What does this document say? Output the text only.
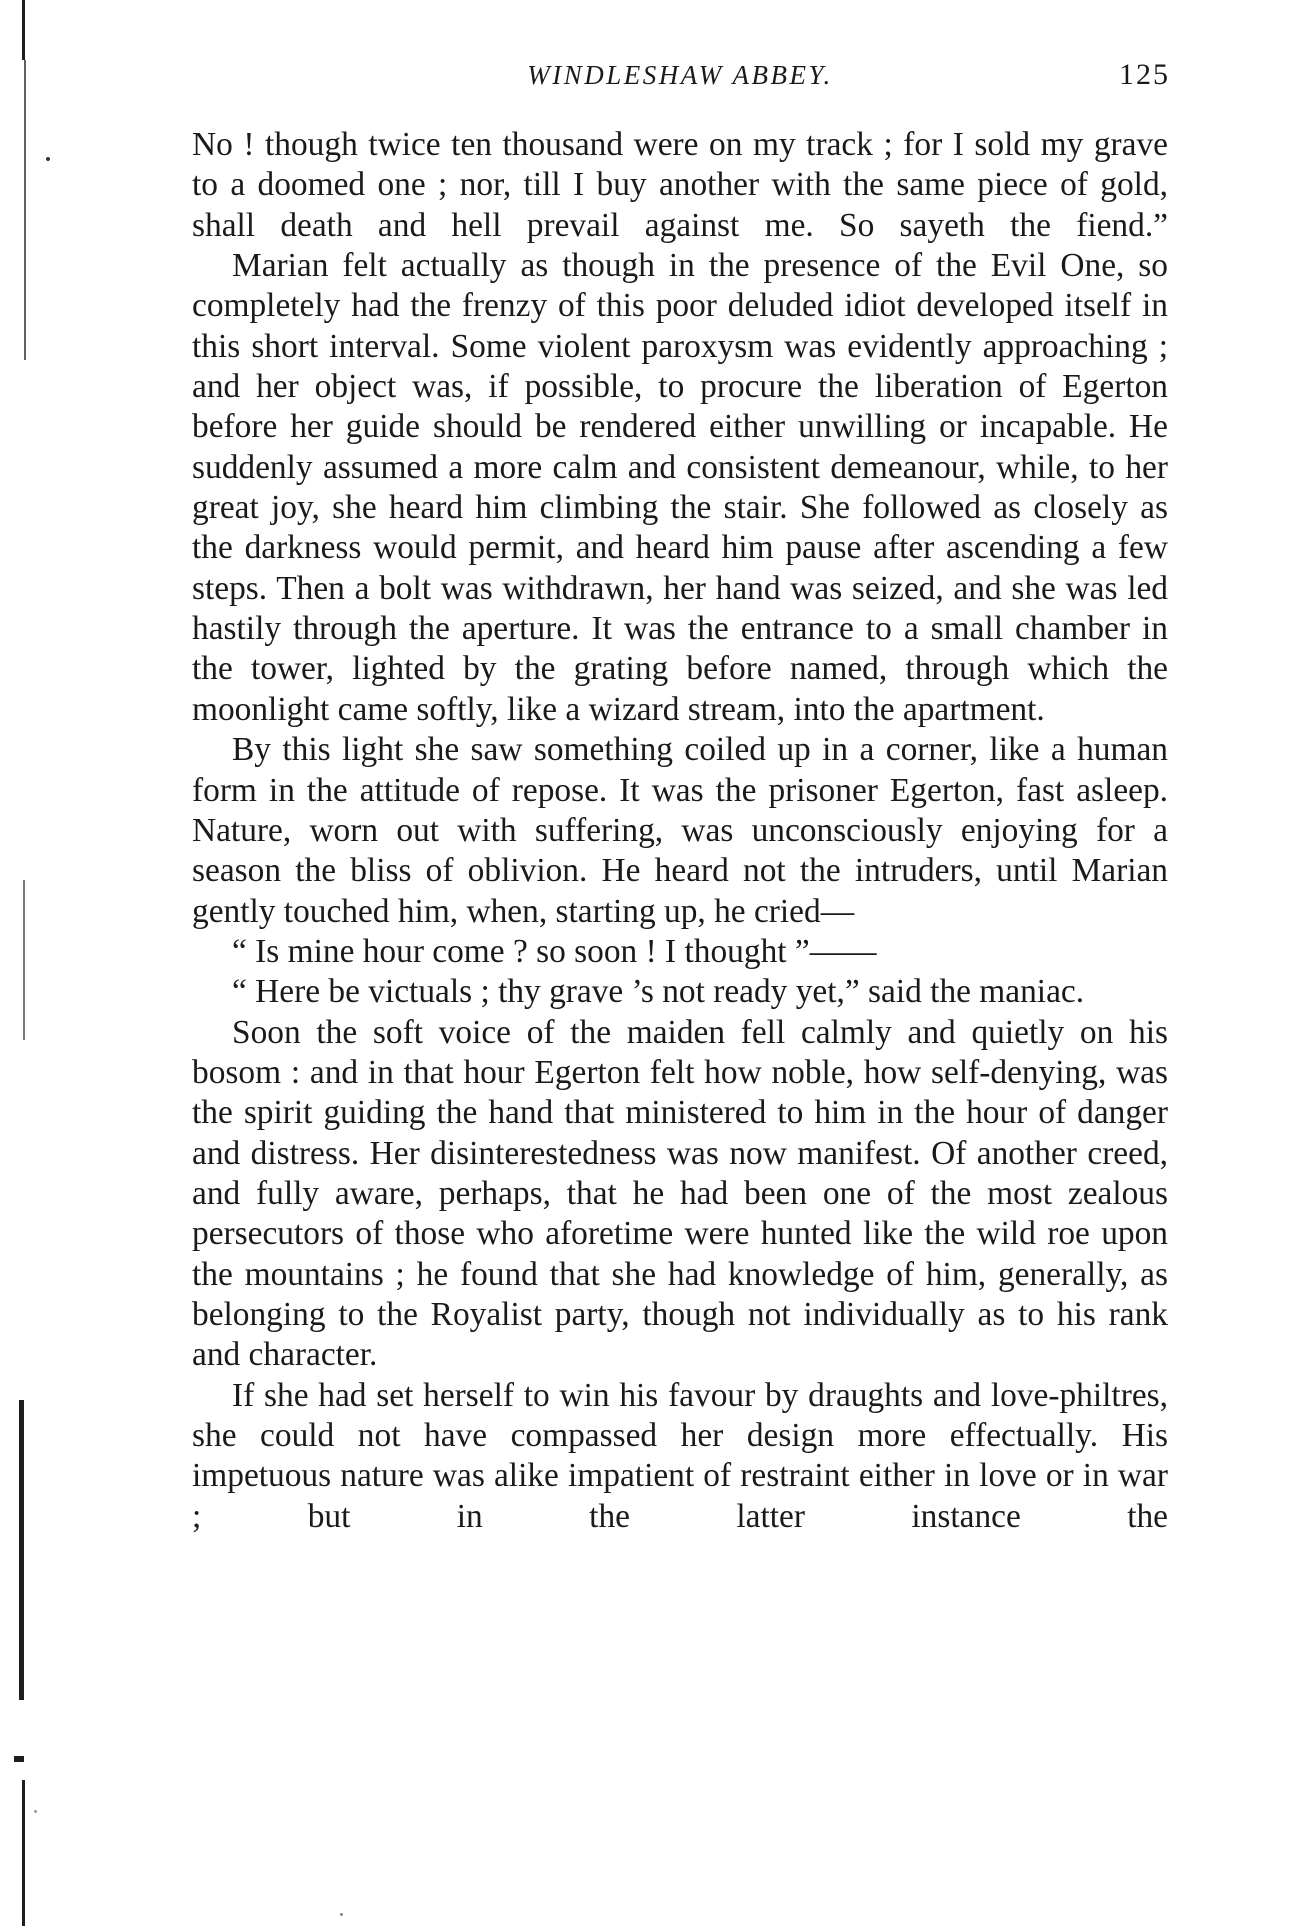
WINDLESHAW ABBEY.	125

No ! though twice ten thousand were on my track ; for I sold my grave to a doomed one ; nor, till I buy another with the same piece of gold, shall death and hell prevail against me. So sayeth the fiend.”

Marian felt actually as though in the presence of the Evil One, so completely had the frenzy of this poor deluded idiot developed itself in this short interval. Some violent paroxysm was evidently approaching ; and her object was, if possible, to procure the liberation of Egerton before her guide should be rendered either unwilling or incapable. He suddenly assumed a more calm and consistent demeanour, while, to her great joy, she heard him climbing the stair. She followed as closely as the darkness would permit, and heard him pause after ascending a few steps. Then a bolt was withdrawn, her hand was seized, and she was led hastily through the aperture. It was the entrance to a small chamber in the tower, lighted by the grating before named, through which the moonlight came softly, like a wizard stream, into the apartment.

By this light she saw something coiled up in a corner, like a human form in the attitude of repose. It was the prisoner Egerton, fast asleep. Nature, worn out with suffering, was unconsciously enjoying for a season the bliss of oblivion. He heard not the intruders, until Marian gently touched him, when, starting up, he cried—

“ Is mine hour come ? so soon ! I thought ”——

“ Here be victuals ; thy grave ’s not ready yet,” said the maniac.

Soon the soft voice of the maiden fell calmly and quietly on his bosom : and in that hour Egerton felt how noble, how self-denying, was the spirit guiding the hand that ministered to him in the hour of danger and distress. Her disinterestedness was now manifest. Of another creed, and fully aware, perhaps, that he had been one of the most zealous persecutors of those who aforetime were hunted like the wild roe upon the mountains ; he found that she had knowledge of him, generally, as belonging to the Royalist party, though not individually as to his rank and character.

If she had set herself to win his favour by draughts and love-philtres, she could not have compassed her design more effectually. His impetuous nature was alike impatient of restraint either in love or in war ; but in the latter instance the
